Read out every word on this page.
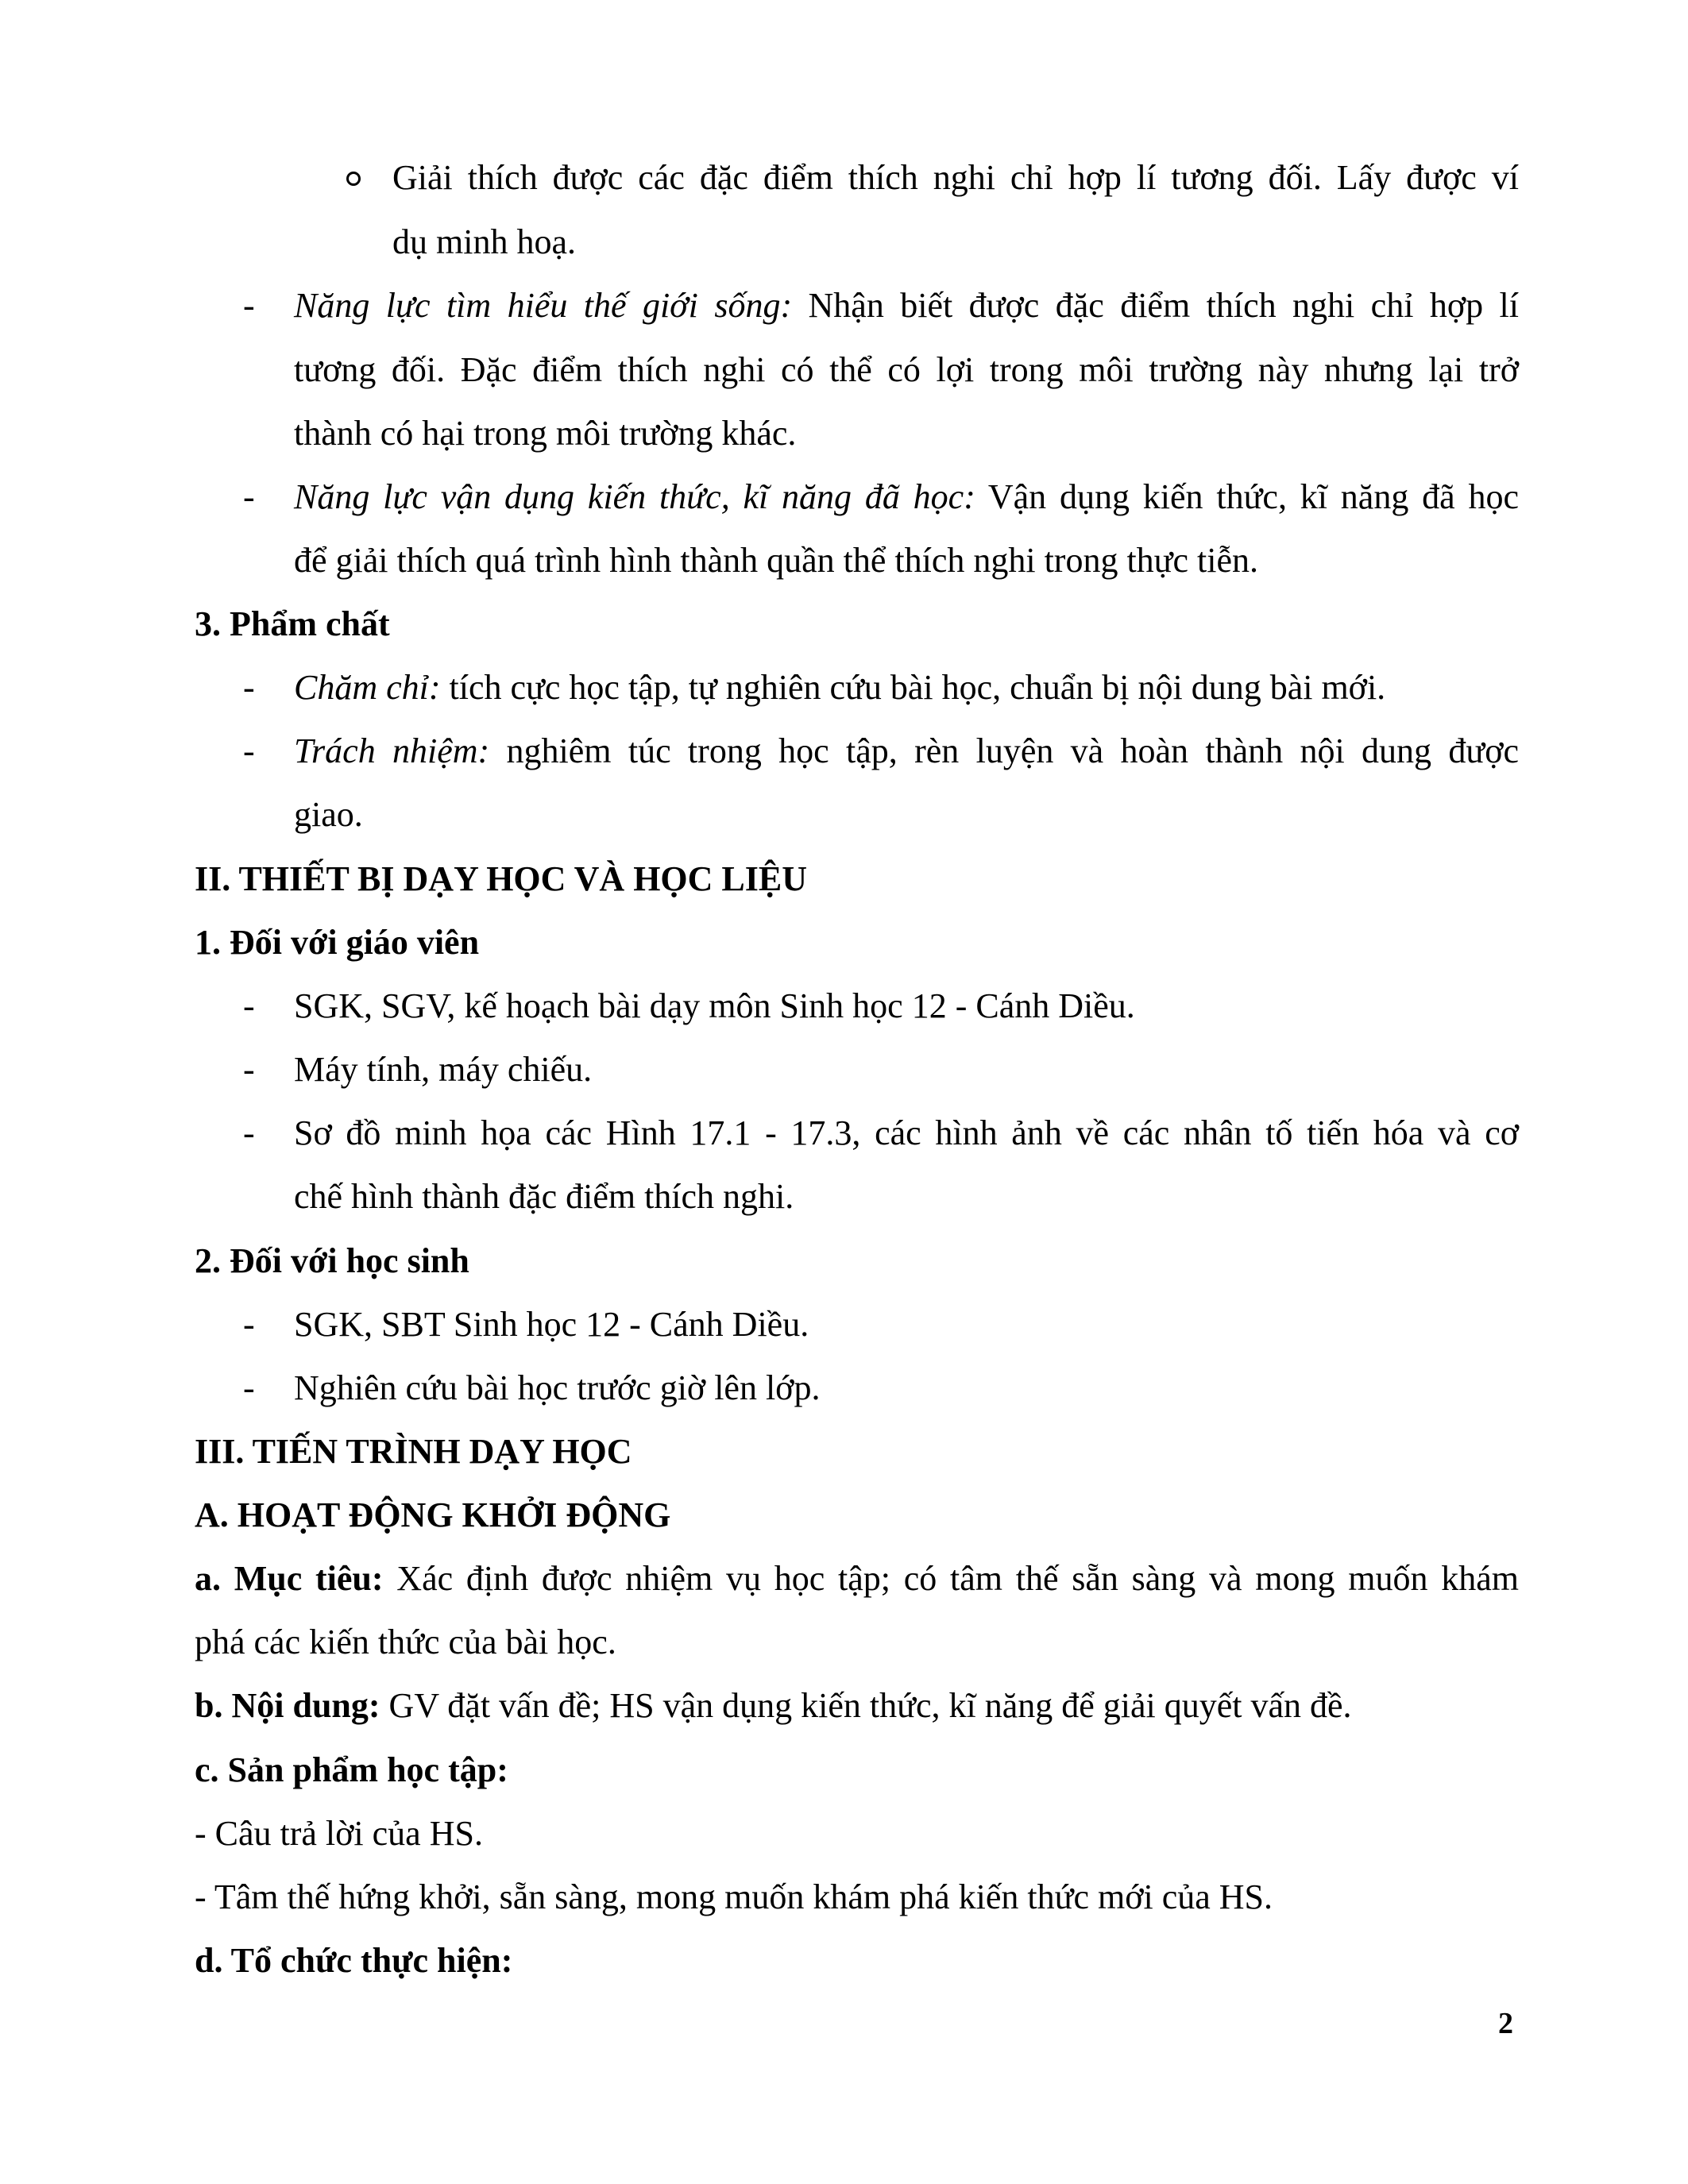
Giải thích được các đặc điểm thích nghi chỉ hợp lí tương đối. Lấy được ví
dụ minh hoạ.
- Năng lực tìm hiểu thế giới sống: Nhận biết được đặc điểm thích nghi chỉ hợp lí
tương đối. Đặc điểm thích nghi có thể có lợi trong môi trường này nhưng lại trở
thành có hại trong môi trường khác.
- Năng lực vận dụng kiến thức, kĩ năng đã học: Vận dụng kiến thức, kĩ năng đã học
để giải thích quá trình hình thành quần thể thích nghi trong thực tiễn.
3. Phẩm chất
- Chăm chỉ: tích cực học tập, tự nghiên cứu bài học, chuẩn bị nội dung bài mới.
- Trách nhiệm: nghiêm túc trong học tập, rèn luyện và hoàn thành nội dung được
giao.
II. THIẾT BỊ DẠY HỌC VÀ HỌC LIỆU
1. Đối với giáo viên
- SGK, SGV, kế hoạch bài dạy môn Sinh học 12 - Cánh Diều.
- Máy tính, máy chiếu.
- Sơ đồ minh họa các Hình 17.1 - 17.3, các hình ảnh về các nhân tố tiến hóa và cơ
chế hình thành đặc điểm thích nghi.
2. Đối với học sinh
- SGK, SBT Sinh học 12 - Cánh Diều.
- Nghiên cứu bài học trước giờ lên lớp.
III. TIẾN TRÌNH DẠY HỌC
A. HOẠT ĐỘNG KHỞI ĐỘNG
a. Mục tiêu: Xác định được nhiệm vụ học tập; có tâm thế sẵn sàng và mong muốn khám
phá các kiến thức của bài học.
b. Nội dung: GV đặt vấn đề; HS vận dụng kiến thức, kĩ năng để giải quyết vấn đề.
c. Sản phẩm học tập:
- Câu trả lời của HS.
- Tâm thế hứng khởi, sẵn sàng, mong muốn khám phá kiến thức mới của HS.
d. Tổ chức thực hiện:
2
